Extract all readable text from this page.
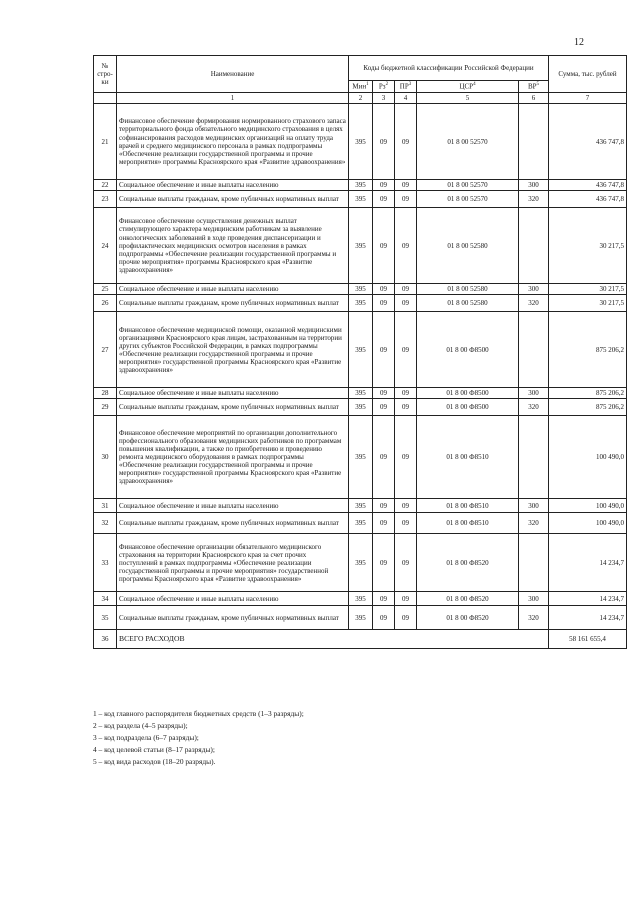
12
№ стро-ки	Наименование	Коды бюджетной классификации Российской Федерации					Сумма, тыс. рублей
		Мин$^1$	$Рз^2$	$ПР^3$	ЦСР$^4$	$ВР^5$
	1	2	3	4	5	6	7
21	Финансовое обеспечение формирования нормированного страхового запаса территориального фонда обязательного медицинского страхования в целях софинансирования расходов медицинских организаций на оплату труда врачей и среднего медицинского персонала в рамках подпрограммы «Обеспечение реализации государственной программы и прочие мероприятия» программы Красноярского края «Развитие здравоохранения»	395	09	09	01 8 00 52570		436 747,8
22	Социальное обеспечение и иные выплаты населению	395	09	09	01 8 00 52570	300	436 747,8
23	Социальные выплаты гражданам, кроме публичных нормативных выплат	395	09	09	01 8 00 52570	320	436 747,8
24	Финансовое обеспечение осуществления денежных выплат стимулирующего характера медицинским работникам за выявление онкологических заболеваний в ходе проведения диспансеризации и профилактических медицинских осмотров населения в рамках подпрограммы «Обеспечение реализации государственной программы и прочие мероприятия» программы Красноярского края «Развитие здравоохранения»	395	09	09	01 8 00 52580		30 217,5
25	Социальное обеспечение и иные выплаты населению	395	09	09	01 8 00 52580	300	30 217,5
26	Социальные выплаты гражданам, кроме публичных нормативных выплат	395	09	09	01 8 00 52580	320	30 217,5
27	Финансовое обеспечение медицинской помощи, оказанной медицинскими организациями Красноярского края лицам, застрахованным на территории других субъектов Российской Федерации, в рамках подпрограммы «Обеспечение реализации государственной программы и прочие мероприятия» государственной программы Красноярского края «Развитие здравоохранения»	395	09	09	01 8 00 Ф8500		875 206,2
28	Социальное обеспечение и иные выплаты населению	395	09	09	01 8 00 Ф8500	300	875 206,2
29	Социальные выплаты гражданам, кроме публичных нормативных выплат	395	09	09	01 8 00 Ф8500	320	875 206,2
30	Финансовое обеспечение мероприятий по организации дополнительного профессионального образования медицинских работников по программам повышения квалификации, а также по приобретению и проведению ремонта медицинского оборудования в рамках подпрограммы «Обеспечение реализации государственной программы и прочие мероприятия» государственной программы Красноярского края «Развитие здравоохранения»	395	09	09	01 8 00 Ф8510		100 490,0
31	Социальное обеспечение и иные выплаты населению	395	09	09	01 8 00 Ф8510	300	100 490,0
32	Социальные выплаты гражданам, кроме публичных нормативных выплат	395	09	09	01 8 00 Ф8510	320	100 490,0
33	Финансовое обеспечение организации обязательного медицинского страхования на территории Красноярского края за счет прочих поступлений в рамках подпрограммы «Обеспечение реализации государственной программы и прочие мероприятия» государственной программы Красноярского края «Развитие здравоохранения»	395	09	09	01 8 00 Ф8520		14 234,7
34	Социальное обеспечение и иные выплаты населению	395	09	09	01 8 00 Ф8520	300	14 234,7
35	Социальные выплаты гражданам, кроме публичных нормативных выплат	395	09	09	01 8 00 Ф8520	320	14 234,7
36	ВСЕГО РАСХОДОВ						58 161 655,4
1 – код главного распорядителя бюджетных средств (1–3 разряды);
2 – код раздела (4–5 разряды);
3 – код подраздела (6–7 разряды);
4 – код целевой статьи (8–17 разряды);
5 – код вида расходов (18–20 разряды).
